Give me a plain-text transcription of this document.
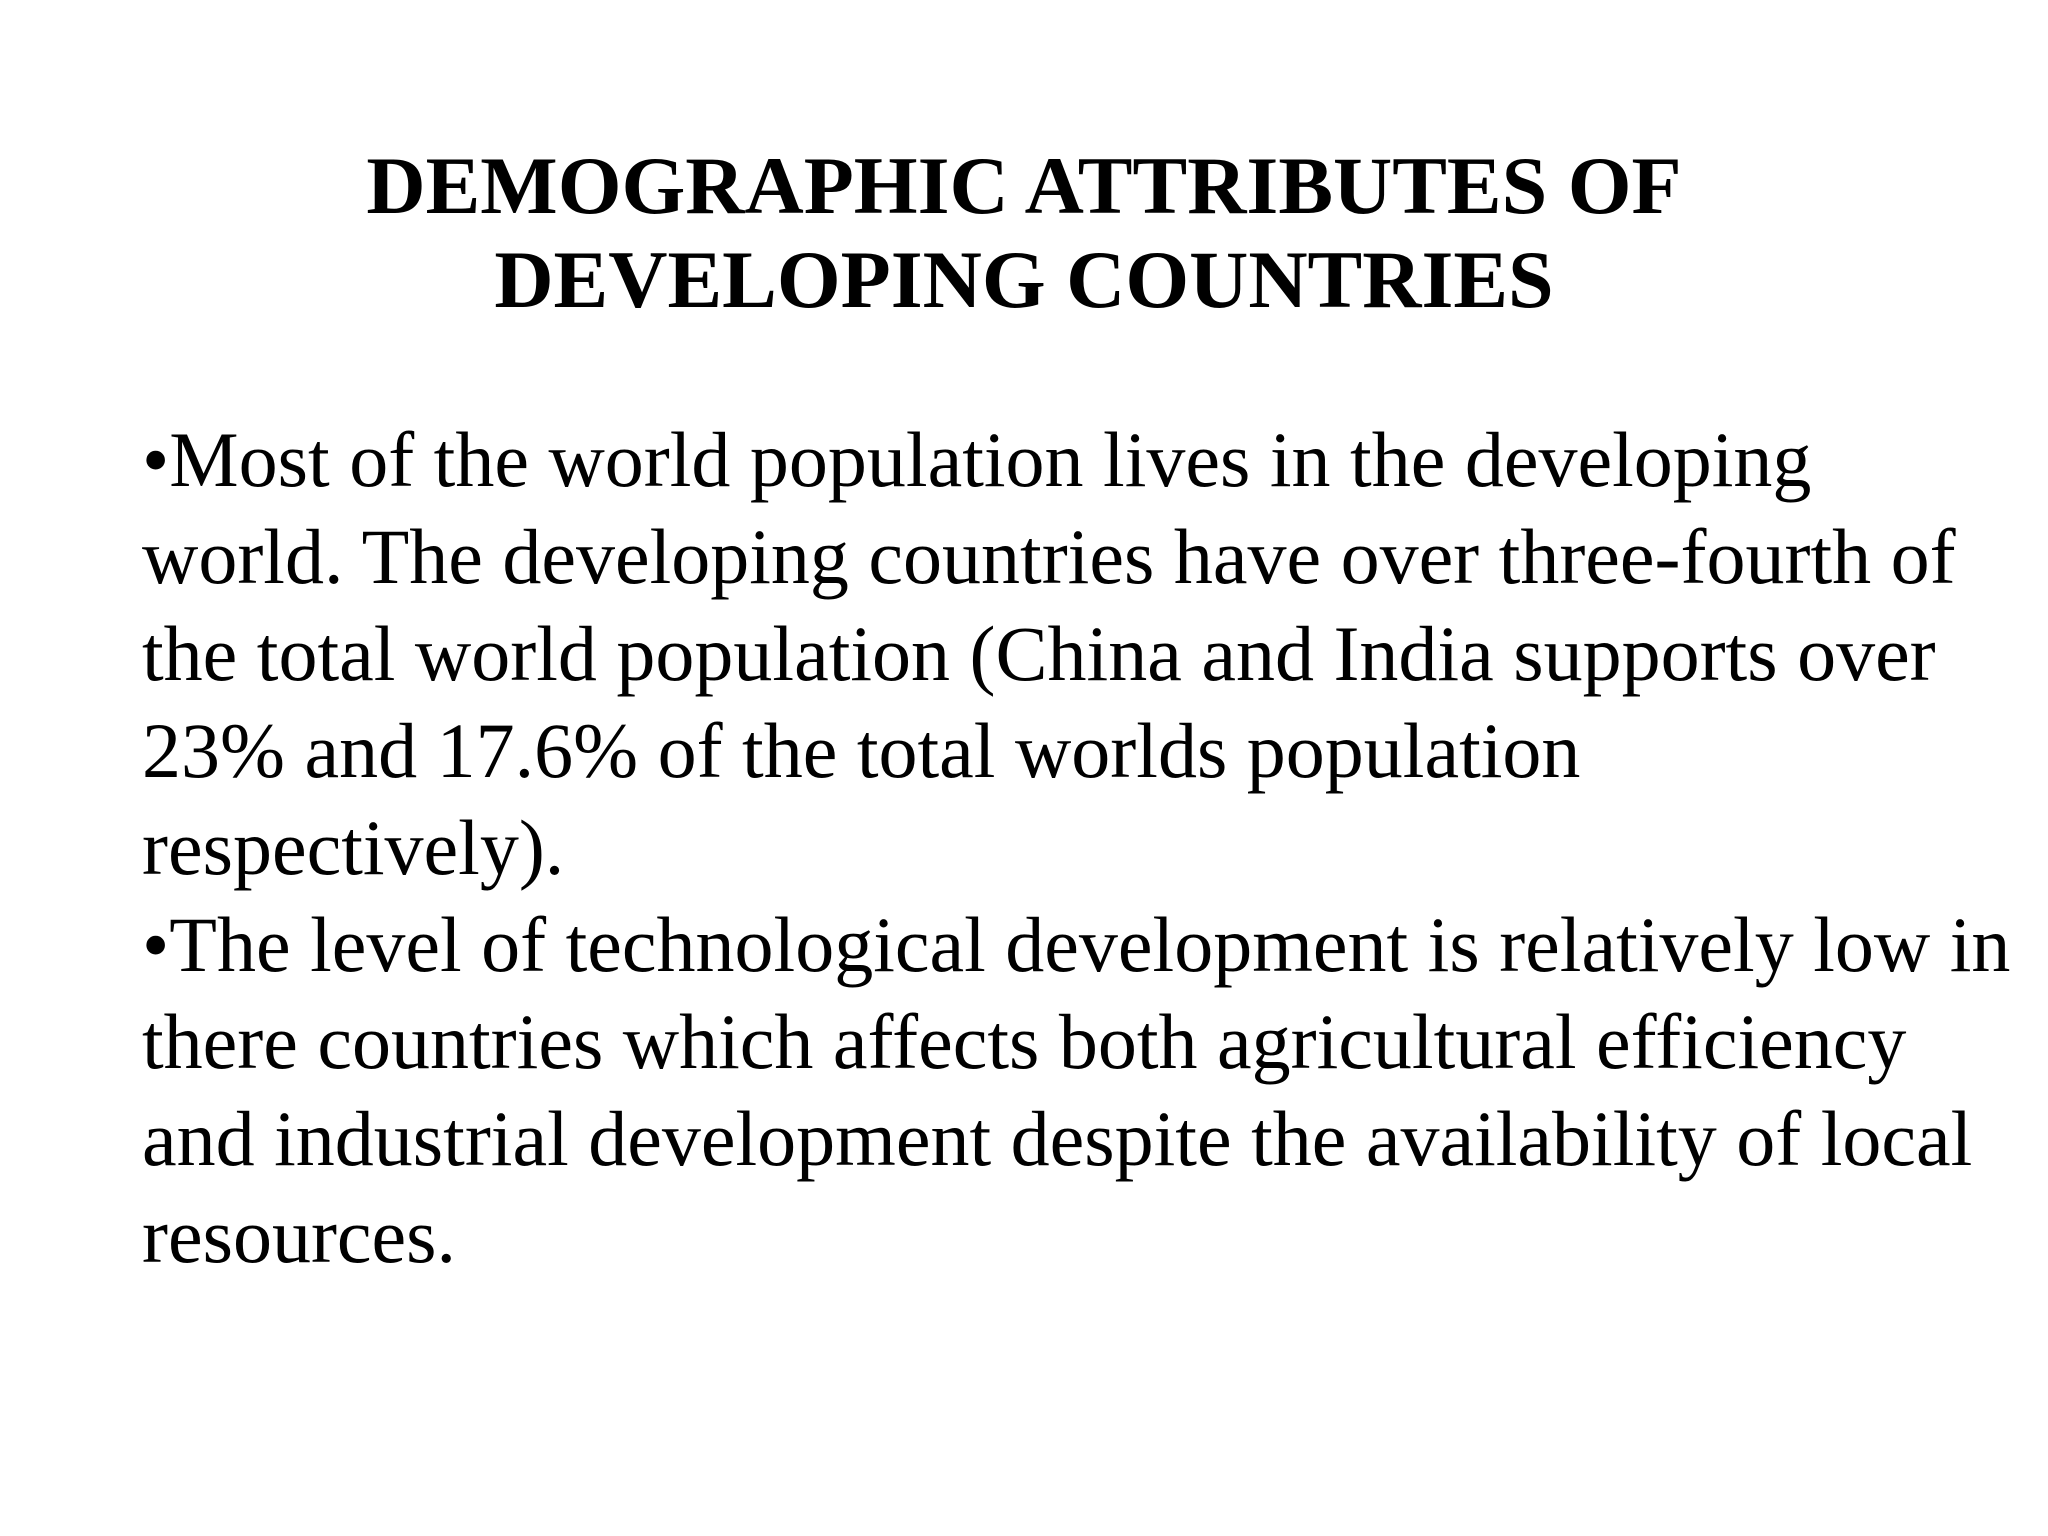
DEMOGRAPHIC ATTRIBUTES OF
DEVELOPING COUNTRIES
•Most of the world population lives in the developing world. The developing countries have over three-fourth of the total world population (China and India supports over 23% and 17.6% of the total worlds population respectively).
•The level of technological development is relatively low in there countries which affects both agricultural efficiency and industrial development despite the availability of local resources.
